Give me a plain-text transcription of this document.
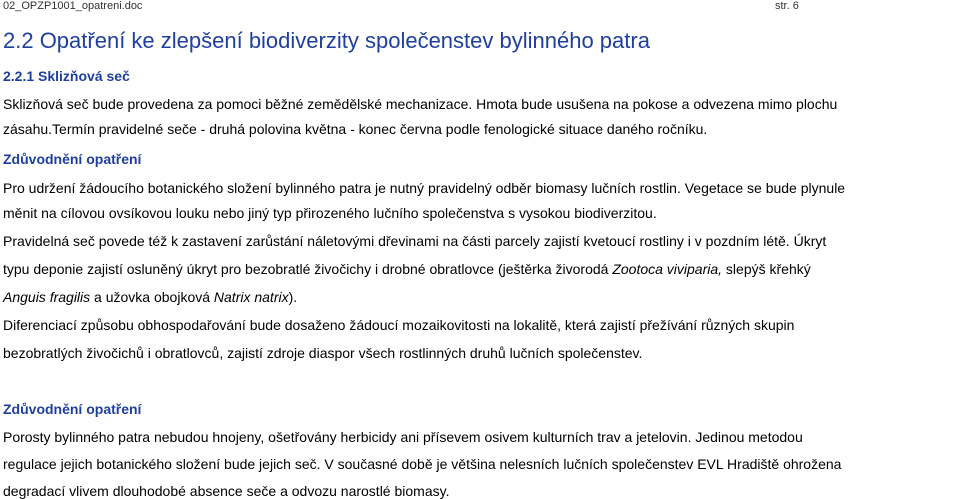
02_OPZP1001_opatreni.doc	str. 6
2.2 Opatření ke zlepšení biodiverzity společenstev bylinného patra
2.2.1 Sklizňová seč
Sklizňová seč bude provedena za pomoci běžné zemědělské mechanizace. Hmota bude usušena na pokose a odvezena mimo plochu
zásahu.Termín pravidelné seče - druhá polovina května - konec června podle fenologické situace daného ročníku.
Zdůvodnění opatření
Pro udržení žádoucího botanického složení bylinného patra je nutný pravidelný odběr biomasy lučních rostlin. Vegetace se bude plynule
měnit na cílovou ovsíkovou louku nebo jiný typ přirozeného lučního společenstva s vysokou biodiverzitou.
Pravidelná seč povede též k zastavení zarůstání náletovými dřevinami na části parcely zajistí kvetoucí rostliny i v pozdním létě. Úkryt
typu deponie zajistí osluněný úkryt pro bezobratlé živočichy i drobné obratlovce (ještěrka živorodá Zootoca viviparia, slepýš křehký
Anguis fragilis a užovka obojková Natrix natrix).
Diferenciací způsobu obhospodařování bude dosaženo žádoucí mozaikovitosti na lokalitě, která zajistí přežívání různých skupin
bezobratlých živočichů i obratlovců, zajistí zdroje diaspor všech rostlinných druhů lučních společenstev.
Zdůvodnění opatření
Porosty bylinného patra nebudou hnojeny, ošetřovány herbicidy ani přísevem osivem kulturních trav a jetelovin. Jedinou metodou
regulace jejich botanického složení bude jejich seč. V současné době je většina nelesních lučních společenstev EVL Hradiště ohrožena
degradací vlivem dlouhodobé absence seče a odvozu narostlé biomasy.
